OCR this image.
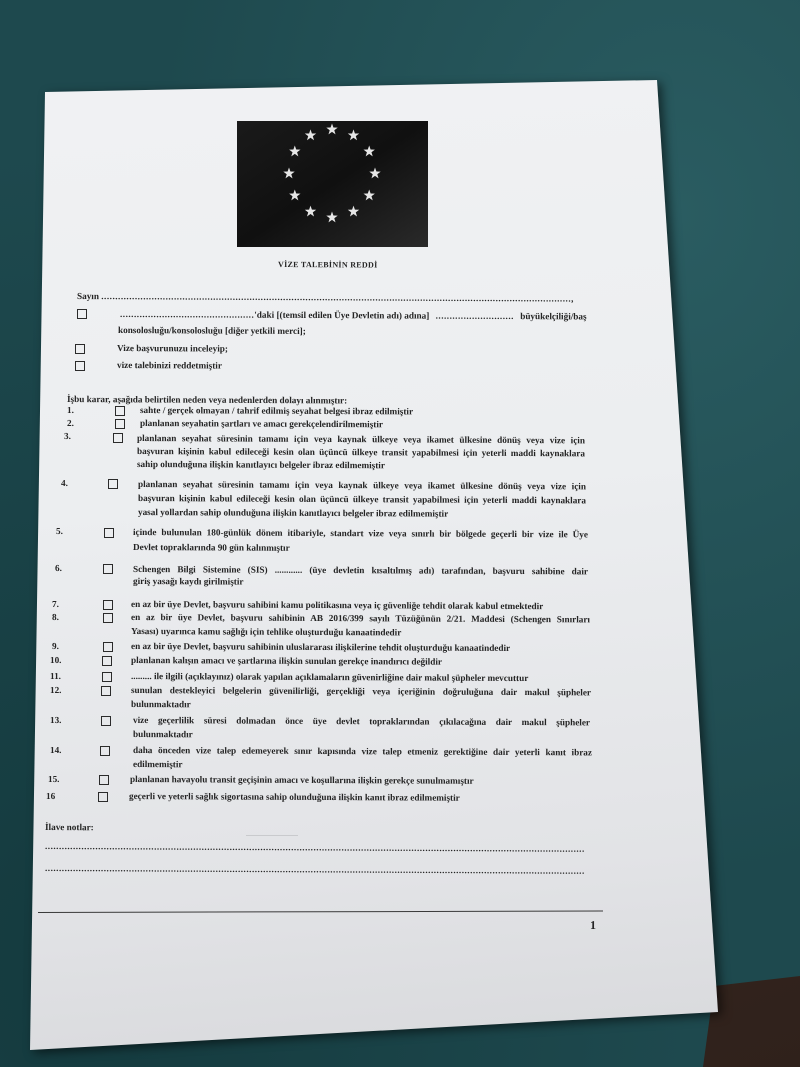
VİZE TALEBİNİN REDDİ
Sayın ........................................................................................................................................................................,
................................................'daki [(temsil edilen Üye Devletin adı) adına] ............................ büyükelçiliği/baş
konsolosluğu/konsolosluğu [diğer yetkili merci];
Vize başvurunuzu inceleyip;
vize talebinizi reddetmiştir
İşbu karar, aşağıda belirtilen neden veya nedenlerden dolayı alınmıştır:
1.	sahte / gerçek olmayan / tahrif edilmiş seyahat belgesi ibraz edilmiştir
2.	planlanan seyahatin şartları ve amacı gerekçelendirilmemiştir
3.	planlanan seyahat süresinin tamamı için veya kaynak ülkeye veya ikamet ülkesine dönüş veya vize için
başvuran kişinin kabul edileceği kesin olan üçüncü ülkeye transit yapabilmesi için yeterli maddi kaynaklara
sahip olunduğuna ilişkin kanıtlayıcı belgeler ibraz edilmemiştir
4.	planlanan seyahat süresinin tamamı için veya kaynak ülkeye veya ikamet ülkesine dönüş veya vize için
başvuran kişinin kabul edileceği kesin olan üçüncü ülkeye transit yapabilmesi için yeterli maddi kaynaklara
yasal yollardan sahip olunduğuna ilişkin kanıtlayıcı belgeler ibraz edilmemiştir
5.	içinde bulunulan 180-günlük dönem itibariyle, standart vize veya sınırlı bir bölgede geçerli bir vize ile Üye
Devlet topraklarında 90 gün kalınmıştır
6.	Schengen Bilgi Sistemine (SIS) ............ (üye devletin kısaltılmış adı) tarafından, başvuru sahibine dair
giriş yasağı kaydı girilmiştir
7.	en az bir üye Devlet, başvuru sahibini kamu politikasına veya iç güvenliğe tehdit olarak kabul etmektedir
8.	en az bir üye Devlet, başvuru sahibinin AB 2016/399 sayılı Tüzüğünün 2/21. Maddesi (Schengen Sınırları
Yasası) uyarınca kamu sağlığı için tehlike oluşturduğu kanaatindedir
9.	en az bir üye Devlet, başvuru sahibinin uluslararası ilişkilerine tehdit oluşturduğu kanaatindedir
10.	planlanan kalışın amacı ve şartlarına ilişkin sunulan gerekçe inandırıcı değildir
11.	......... ile ilgili (açıklayınız) olarak yapılan açıklamaların güvenirliğine dair makul şüpheler mevcuttur
12.	sunulan destekleyici belgelerin güvenilirliği, gerçekliği veya içeriğinin doğruluğuna dair makul şüpheler
bulunmaktadır
13.	vize geçerlilik süresi dolmadan önce üye devlet topraklarından çıkılacağına dair makul şüpheler
bulunmaktadır
14.	daha önceden vize talep edemeyerek sınır kapısında vize talep etmeniz gerektiğine dair yeterli kanıt ibraz
edilmemiştir
15.	planlanan havayolu transit geçişinin amacı ve koşullarına ilişkin gerekçe sunulmamıştır
16	geçerli ve yeterli sağlık sigortasına sahip olunduğuna ilişkin kanıt ibraz edilmemiştir
İlave notlar:
.................................................................................................................................................................................................
.................................................................................................................................................................................................
1
